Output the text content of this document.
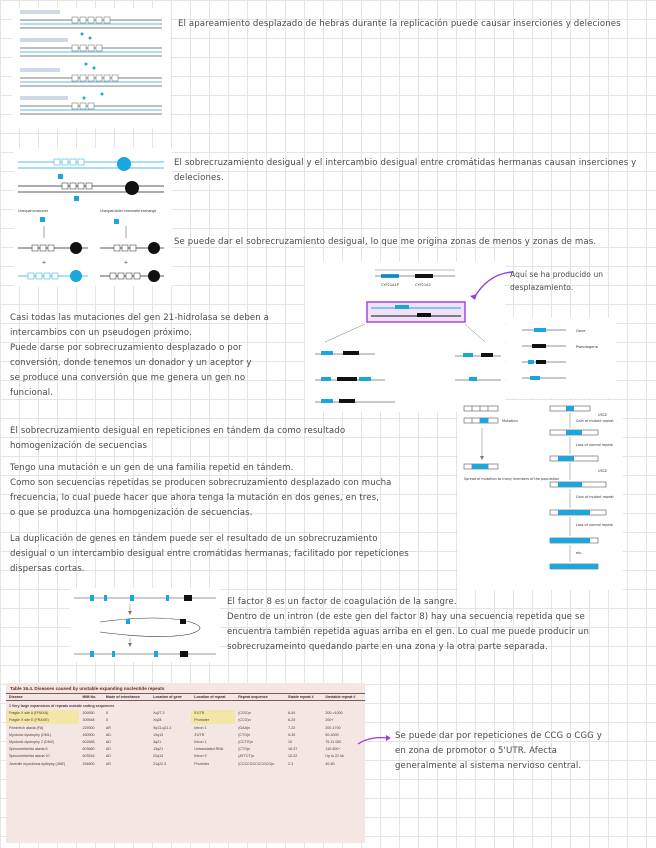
El apareamiento desplazado de hebras durante la replicación puede causar inserciones y deleciones
Unequal crossover	Unequal sister chromatid exchange
+	+
El sobrecruzamiento desigual y el intercambio desigual entre cromátidas hermanas causan inserciones y deleciones.
Se puede dar el sobrecruzamiento desigual, lo que me origina zonas de menos y zonas de mas.
CYP21A1P	CYP21A2
Gene
Pseudogene
Aquí se ha producido un desplazamiento.
Casi todas las mutaciones del gen 21-hidrolasa se deben a
intercambios con un pseudogen próximo.
Puede darse por sobrecruzamiento desplazado o por
conversión, donde tenemos un donador y un aceptor y
se produce una conversión que me genera un gen no
funcional.
Mutation
Spread of mutation to many members of the population
USCE
Gain of mutant repeat
Loss of normal repeat
USCE
Gain of mutant repeat
Loss of normal repeat
etc.
El sobrecruzamiento desigual en repeticiones en tándem da como resultado
homogenización de secuencias
Tengo una mutación e un gen de una familia repetid en tándem.
Como son secuencias repetidas se producen sobrecruzamiento desplazado con mucha
frecuencia, lo cual puede hacer que ahora tenga la mutación en dos genes, en tres,
o que se produzca una homogenización de secuencias.
La duplicación de genes en tándem puede ser el resultado de un sobrecruzamiento
desigual o un intercambio desigual entre cromátidas hermanas, facilitado por repeticiones
dispersas cortas.
El factor 8 es un factor de coagulación de la sangre.
Dentro de un intron (de este gen del factor 8) hay una secuencia repetida que se
encuentra también repetida aguas arriba en el gen. Lo cual me puede producir un
sobrecruzameinto quedando parte en una zona y la otra parte separada.
Table 16.4. Diseases caused by unstable expanding nucleotide repeats
Disease	MIM No.	Mode of inheritance	Location of gene	Location of repeat	Repeat sequence	Stable repeat #	Unstable repeat #
1 Very large expansions of repeats outside coding sequences							
Fragile X site A (FRAXA)	309550	X	Xq27.3	5'UTR	(CGG)n	6-54	200->1000
Fragile X site E (FRAXE)	309548	X	Xq28	Promoter	(CCG)n	6-25	200+
Friedreich ataxia (FA)	229300	AR	9q13-q21.1	Intron 1	(GAA)n	7-22	200-1700
Myotonic dystrophy (DM1)	160900	AD	19q13	3'UTR	(CTG)n	5-35	50-4000
Myotonic dystrophy 2 (DM2)	602668	AD	3q21	Intron 1	(CCTG)n	10	75-11 000
Spinocerebellar ataxia 8	603680	AD	13q21	Untranslated RNA	(CTG)n	16-37	110-500+
Spinocerebellar ataxia 10	603516	AD	22q13	Intron 9	(ATTCT)n	10-22	Up to 22 kb
Juvenile myoclonus epilepsy (JME)	254800	AR	21q22.3	Promoter	(CCCCGCCCCGCG)n	2-3	40-80
Se puede dar por repeticiones de CCG o CGG y
en zona de promotor o 5'UTR. Afecta
generalmente al sistema nervioso central.
